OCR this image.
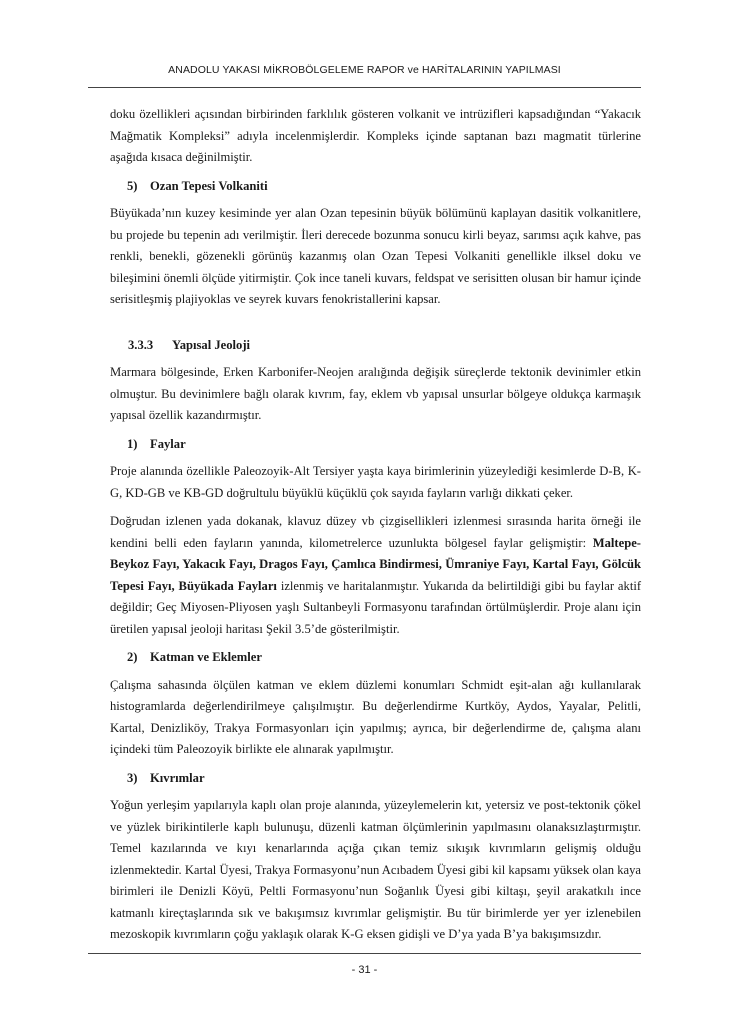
ANADOLU YAKASI MİKROBÖLGELEME RAPOR ve HARİTALARININ YAPILMASI

doku özellikleri açısından birbirinden farklılık gösteren volkanit ve intrüzifleri kapsadığından “Yakacık Mağmatik Kompleksi” adıyla incelenmişlerdir. Kompleks içinde saptanan bazı magmatit türlerine aşağıda kısaca değinilmiştir.

5) Ozan Tepesi Volkaniti

Büyükada’nın kuzey kesiminde yer alan Ozan tepesinin büyük bölümünü kaplayan dasitik volkanitlere, bu projede bu tepenin adı verilmiştir. İleri derecede bozunma sonucu kirli beyaz, sarımsı açık kahve, pas renkli, benekli, gözenekli görünüş kazanmış olan Ozan Tepesi Volkaniti genellikle ilksel doku ve bileşimini önemli ölçüde yitirmiştir. Çok ince taneli kuvars, feldspat ve serisitten olusan bir hamur içinde serisitleşmiş plajiyoklas ve seyrek kuvars fenokristallerini kapsar.

3.3.3 Yapısal Jeoloji

Marmara bölgesinde, Erken Karbonifer-Neojen aralığında değişik süreçlerde tektonik devinimler etkin olmuştur. Bu devinimlere bağlı olarak kıvrım, fay, eklem vb yapısal unsurlar bölgeye oldukça karmaşık yapısal özellik kazandırmıştır.

1) Faylar

Proje alanında özellikle Paleozoyik-Alt Tersiyer yaşta kaya birimlerinin yüzeylediği kesimlerde D-B, K-G, KD-GB ve KB-GD doğrultulu büyüklü küçüklü çok sayıda fayların varlığı dikkati çeker.

Doğrudan izlenen yada dokanak, klavuz düzey vb çizgisellikleri izlenmesi sırasında harita örneği ile kendini belli eden fayların yanında, kilometrelerce uzunlukta bölgesel faylar gelişmiştir: Maltepe-Beykoz Fayı, Yakacık Fayı, Dragos Fayı, Çamlıca Bindirmesi, Ümraniye Fayı, Kartal Fayı, Gölcük Tepesi Fayı, Büyükada Fayları izlenmiş ve haritalanmıştır. Yukarıda da belirtildiği gibi bu faylar aktif değildir; Geç Miyosen-Pliyosen yaşlı Sultanbeyli Formasyonu tarafından örtülmüşlerdir. Proje alanı için üretilen yapısal jeoloji haritası Şekil 3.5’de gösterilmiştir.

2) Katman ve Eklemler

Çalışma sahasında ölçülen katman ve eklem düzlemi konumları Schmidt eşit-alan ağı kullanılarak histogramlarda değerlendirilmeye çalışılmıştır. Bu değerlendirme Kurtköy, Aydos, Yayalar, Pelitli, Kartal, Denizliköy, Trakya Formasyonları için yapılmış; ayrıca, bir değerlendirme de, çalışma alanı içindeki tüm Paleozoyik birlikte ele alınarak yapılmıştır.

3) Kıvrımlar

Yoğun yerleşim yapılarıyla kaplı olan proje alanında, yüzeylemelerin kıt, yetersiz ve post-tektonik çökel ve yüzlek birikintilerle kaplı bulunuşu, düzenli katman ölçümlerinin yapılmasını olanaksızlaştırmıştır. Temel kazılarında ve kıyı kenarlarında açığa çıkan temiz sıkışık kıvrımların gelişmiş olduğu izlenmektedir. Kartal Üyesi, Trakya Formasyonu’nun Acıbadem Üyesi gibi kil kapsamı yüksek olan kaya birimleri ile Denizli Köyü, Peltli Formasyonu’nun Soğanlık Üyesi gibi kiltaşı, şeyil arakatkılı ince katmanlı kireçtaşlarında sık ve bakışımsız kıvrımlar gelişmiştir. Bu tür birimlerde yer yer izlenebilen mezoskopik kıvrımların çoğu yaklaşık olarak K-G eksen gidişli ve D’ya yada B’ya bakışımsızdır.

- 31 -
